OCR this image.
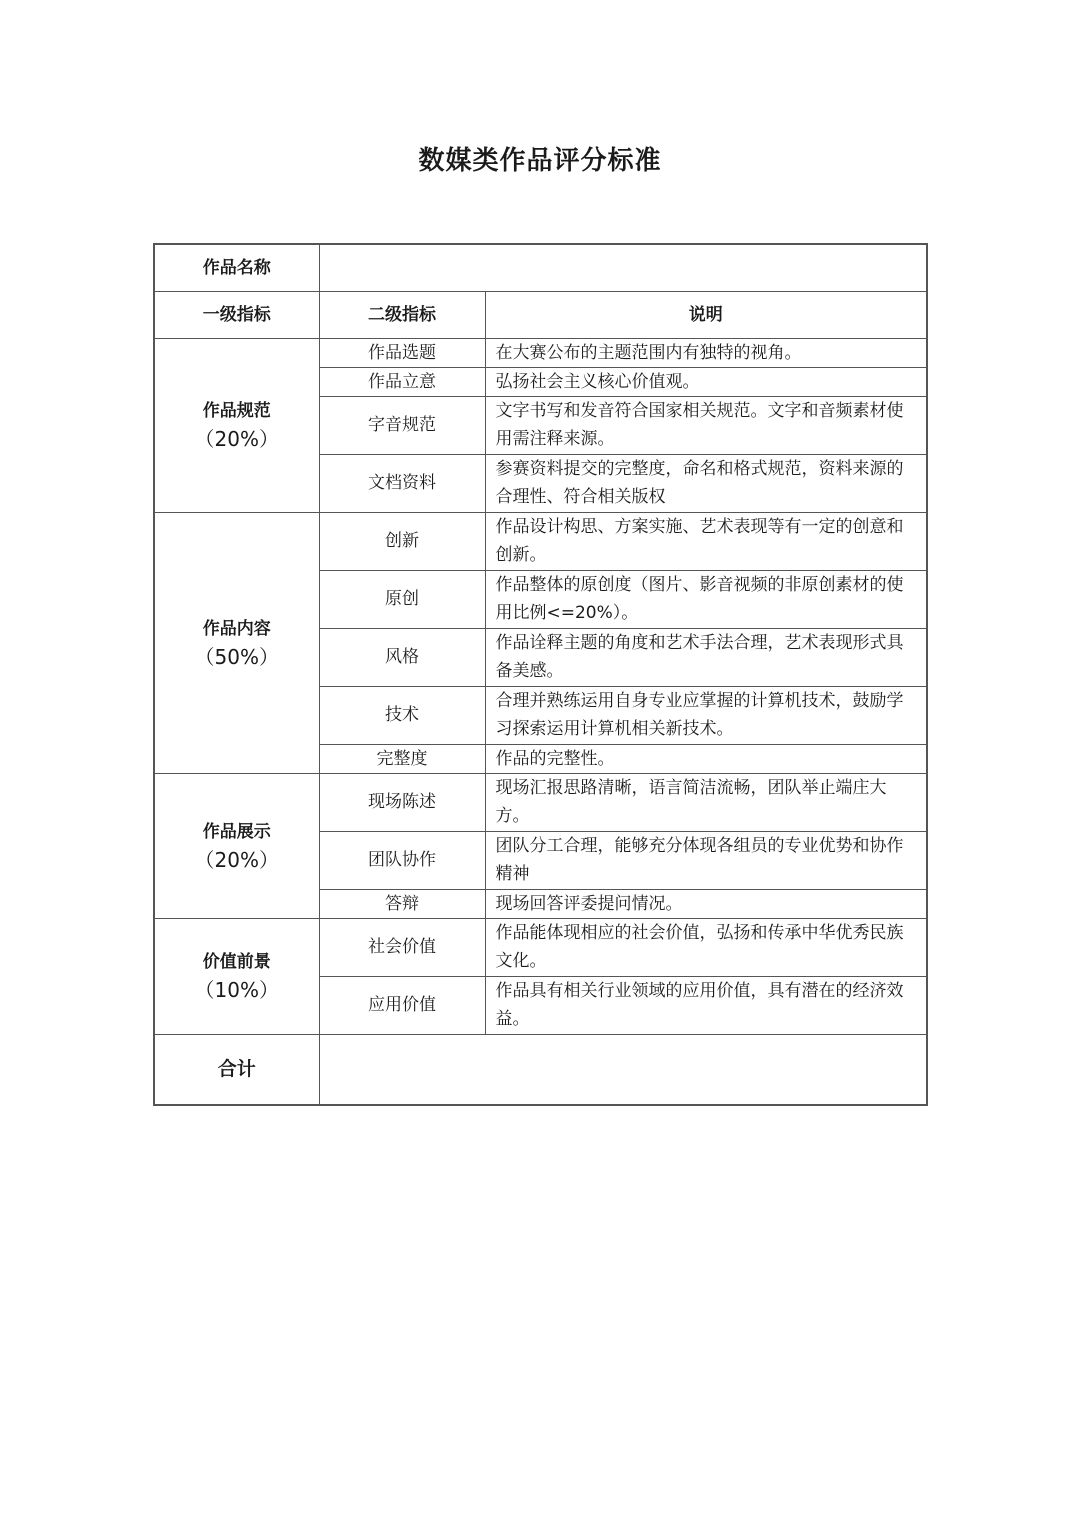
数媒类作品评分标准
作品名称		
一级指标	二级指标	说明
作品规范
（20%）	作品选题	在大赛公布的主题范围内有独特的视角。
	作品立意	弘扬社会主义核心价值观。
	字音规范	文字书写和发音符合国家相关规范。文字和音频素材使用需注释来源。
	文档资料	参赛资料提交的完整度，命名和格式规范，资料来源的合理性、符合相关版权
作品内容
（50%）	创新	作品设计构思、方案实施、艺术表现等有一定的创意和创新。
	原创	作品整体的原创度（图片、影音视频的非原创素材的使用比例<=20%）。
	风格	作品诠释主题的角度和艺术手法合理，艺术表现形式具备美感。
	技术	合理并熟练运用自身专业应掌握的计算机技术，鼓励学习探索运用计算机相关新技术。
	完整度	作品的完整性。
作品展示
（20%）	现场陈述	现场汇报思路清晰，语言简洁流畅，团队举止端庄大方。
	团队协作	团队分工合理，能够充分体现各组员的专业优势和协作精神
	答辩	现场回答评委提问情况。
价值前景
（10%）	社会价值	作品能体现相应的社会价值，弘扬和传承中华优秀民族文化。
	应用价值	作品具有相关行业领域的应用价值，具有潜在的经济效益。
合计		
